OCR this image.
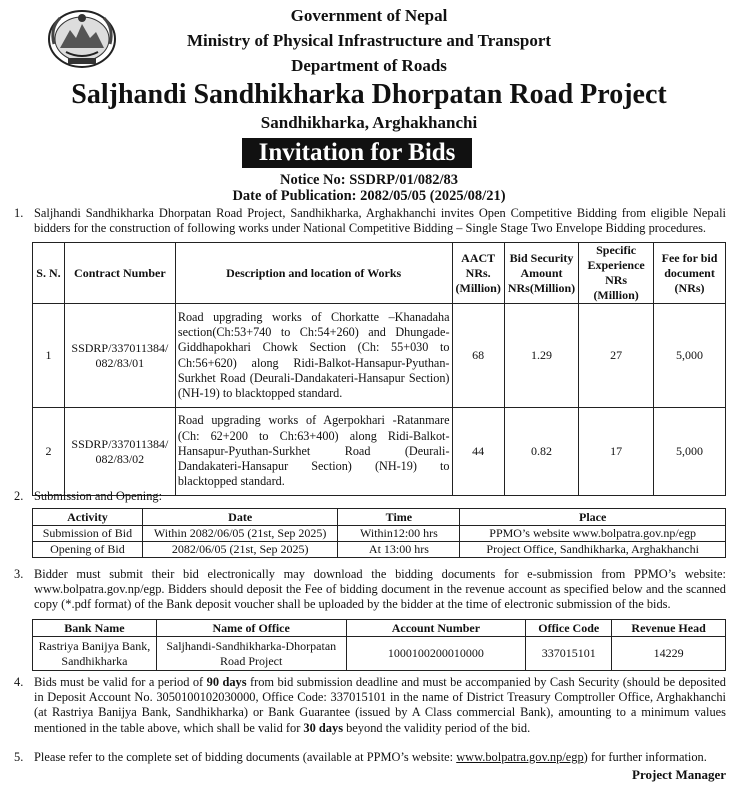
Government of Nepal
Ministry of Physical Infrastructure and Transport
Department of Roads
Saljhandi Sandhikharka Dhorpatan Road Project
Sandhikharka, Arghakhanchi
Invitation for Bids
Notice No: SSDRP/01/082/83
Date of Publication: 2082/05/05 (2025/08/21)
1. Saljhandi Sandhikharka Dhorpatan Road Project, Sandhikharka, Arghakhanchi invites Open Competitive Bidding from eligible Nepali bidders for the construction of following works under National Competitive Bidding – Single Stage Two Envelope Bidding procedures.
S. N.	Contract Number	Description and location of Works	AACT NRs. (Million)	Bid Security Amount NRs(Million)	Specific Experience NRs (Million)	Fee for bid document (NRs)
1	SSDRP/337011384/ 082/83/01	Road upgrading works of Chorkatte –Khanadaha section(Ch:53+740 to Ch:54+260) and Dhungade-Giddhapokhari Chowk Section (Ch: 55+030 to Ch:56+620) along Ridi-Balkot-Hansapur-Pyuthan-Surkhet Road (Deurali-Dandakateri-Hansapur Section) (NH-19) to blacktopped standard.	68	1.29	27	5,000
2	SSDRP/337011384/ 082/83/02	Road upgrading works of Agerpokhari -Ratanmare (Ch: 62+200 to Ch:63+400) along Ridi-Balkot-Hansapur-Pyuthan-Surkhet Road (Deurali-Dandakateri-Hansapur Section) (NH-19) to blacktopped standard.	44	0.82	17	5,000
2. Submission and Opening:
Activity	Date	Time	Place
Submission of Bid	Within 2082/06/05 (21st, Sep 2025)	Within12:00 hrs	PPMO’s website www.bolpatra.gov.np/egp
Opening of Bid	2082/06/05 (21st, Sep 2025)	At 13:00 hrs	Project Office, Sandhikharka, Arghakhanchi
3. Bidder must submit their bid electronically may download the bidding documents for e-submission from PPMO’s website: www.bolpatra.gov.np/egp. Bidders should deposit the Fee of bidding document in the revenue account as specified below and the scanned copy (*.pdf format) of the Bank deposit voucher shall be uploaded by the bidder at the time of electronic submission of the bids.
Bank Name	Name of Office	Account Number	Office Code	Revenue Head
Rastriya Banijya Bank, Sandhikharka	Saljhandi-Sandhikharka-Dhorpatan Road Project	1000100200010000	337015101	14229
4. Bids must be valid for a period of 90 days from bid submission deadline and must be accompanied by Cash Security (should be deposited in Deposit Account No. 3050100102030000, Office Code: 337015101 in the name of District Treasury Comptroller Office, Arghakhanchi (at Rastriya Banijya Bank, Sandhikharka) or Bank Guarantee (issued by A Class commercial Bank), amounting to a minimum values mentioned in the table above, which shall be valid for 30 days beyond the validity period of the bid.
5. Please refer to the complete set of bidding documents (available at PPMO’s website: www.bolpatra.gov.np/egp) for further information.
Project Manager
